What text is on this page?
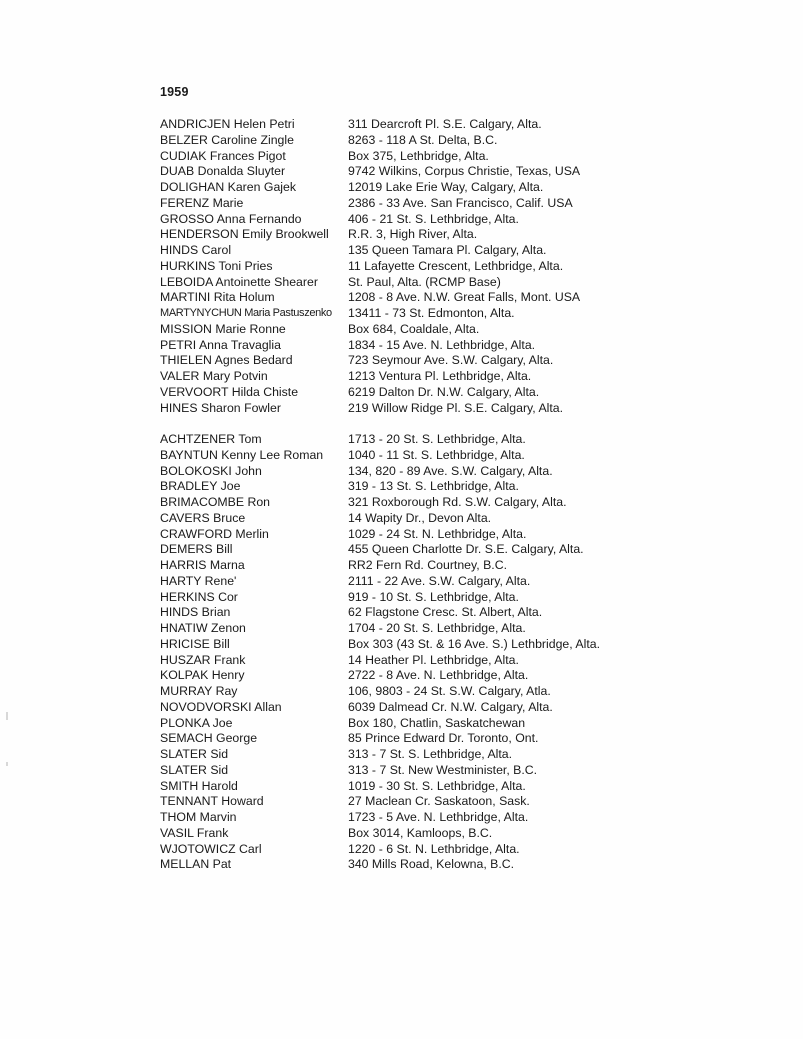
1959
ANDRICJEN Helen Petri	311 Dearcroft Pl. S.E. Calgary, Alta.
BELZER Caroline Zingle	8263 - 118 A St. Delta, B.C.
CUDIAK Frances Pigot	Box 375, Lethbridge, Alta.
DUAB Donalda Sluyter	9742 Wilkins, Corpus Christie, Texas, USA
DOLIGHAN Karen Gajek	12019 Lake Erie Way, Calgary, Alta.
FERENZ Marie	2386 - 33 Ave. San Francisco, Calif. USA
GROSSO Anna Fernando	406 - 21 St. S. Lethbridge, Alta.
HENDERSON Emily Brookwell	R.R. 3, High River, Alta.
HINDS Carol	135 Queen Tamara Pl. Calgary, Alta.
HURKINS Toni Pries	11 Lafayette Crescent, Lethbridge, Alta.
LEBOIDA Antoinette Shearer	St. Paul, Alta. (RCMP Base)
MARTINI Rita Holum	1208 - 8 Ave. N.W. Great Falls, Mont. USA
MARTYNYCHUN Maria Pastuszenko	13411 - 73 St. Edmonton, Alta.
MISSION Marie Ronne	Box 684, Coaldale, Alta.
PETRI Anna Travaglia	1834 - 15 Ave. N. Lethbridge, Alta.
THIELEN Agnes Bedard	723 Seymour Ave. S.W. Calgary, Alta.
VALER Mary Potvin	1213 Ventura Pl. Lethbridge, Alta.
VERVOORT Hilda Chiste	6219 Dalton Dr. N.W. Calgary, Alta.
HINES Sharon Fowler	219 Willow Ridge Pl. S.E. Calgary, Alta.
ACHTZENER Tom	1713 - 20 St. S. Lethbridge, Alta.
BAYNTUN Kenny Lee Roman	1040 - 11 St. S. Lethbridge, Alta.
BOLOKOSKI John	134, 820 - 89 Ave. S.W. Calgary, Alta.
BRADLEY Joe	319 - 13 St. S. Lethbridge, Alta.
BRIMACOMBE Ron	321 Roxborough Rd. S.W. Calgary, Alta.
CAVERS Bruce	14 Wapity Dr., Devon Alta.
CRAWFORD Merlin	1029 - 24 St. N. Lethbridge, Alta.
DEMERS Bill	455 Queen Charlotte Dr. S.E. Calgary, Alta.
HARRIS Marna	RR2 Fern Rd. Courtney, B.C.
HARTY Rene'	2111 - 22 Ave. S.W. Calgary, Alta.
HERKINS Cor	919 - 10 St. S. Lethbridge, Alta.
HINDS Brian	62 Flagstone Cresc. St. Albert, Alta.
HNATIW Zenon	1704 - 20 St. S. Lethbridge, Alta.
HRICISE Bill	Box 303 (43 St. & 16 Ave. S.) Lethbridge, Alta.
HUSZAR Frank	14 Heather Pl. Lethbridge, Alta.
KOLPAK Henry	2722 - 8 Ave. N. Lethbridge, Alta.
MURRAY Ray	106, 9803 - 24 St. S.W. Calgary, Atla.
NOVODVORSKI Allan	6039 Dalmead Cr. N.W. Calgary, Alta.
PLONKA Joe	Box 180, Chatlin, Saskatchewan
SEMACH George	85 Prince Edward Dr. Toronto, Ont.
SLATER Sid	313 - 7 St. S. Lethbridge, Alta.
SLATER Sid	313 - 7 St. New Westminister, B.C.
SMITH Harold	1019 - 30 St. S. Lethbridge, Alta.
TENNANT Howard	27 Maclean Cr. Saskatoon, Sask.
THOM Marvin	1723 - 5 Ave. N. Lethbridge, Alta.
VASIL Frank	Box 3014, Kamloops, B.C.
WJOTOWICZ Carl	1220 - 6 St. N. Lethbridge, Alta.
MELLAN Pat	340 Mills Road, Kelowna, B.C.
